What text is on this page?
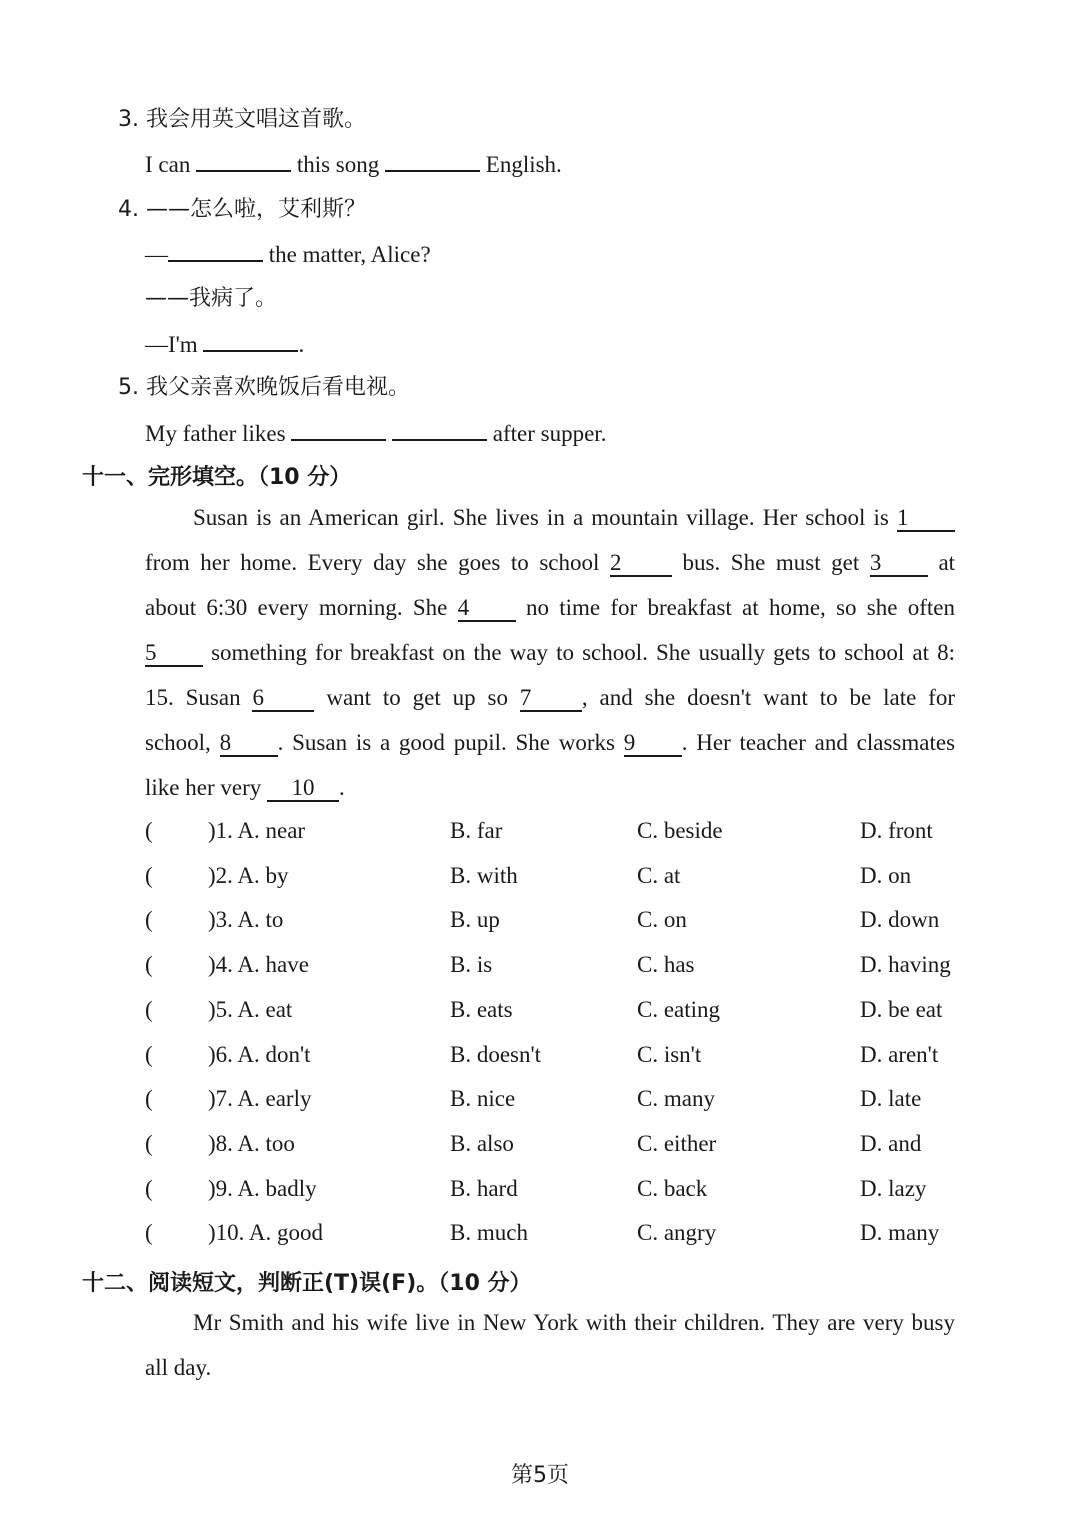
3. 我会用英文唱这首歌。
I can	this song	English.
4. ——怎么啦，艾利斯？
—	the matter, Alice?
——我病了。
—I'm	.
5. 我父亲喜欢晚饭后看电视。
My father likes	after supper.
十一、完形填空。（10 分）
Susan is an American girl. She lives in a mountain village. Her school is 1
from her home. Every day she goes to school 2	bus. She must get 3 at
about 6:30 every morning. She 4 no time for breakfast at home, so she often
5 something for breakfast on the way to school. She usually gets to school at 8:
15. Susan 6	want to get up so 7 , and she doesn't want to be late for
school, 8 . Susan is a good pupil. She works 9 . Her teacher and classmates
like her very 10 .
( )1. A. near	B. far	C. beside	D. front
( )2. A. by	B. with	C. at	D. on
( )3. A. to	B. up	C. on	D. down
( )4. A. have	B. is	C. has	D. having
( )5. A. eat	B. eats	C. eating	D. be eat
( )6. A. don't	B. doesn't	C. isn't	D. aren't
( )7. A. early	B. nice	C. many	D. late
( )8. A. too	B. also	C. either	D. and
( )9. A. badly	B. hard	C. back	D. lazy
( )10. A. good	B. much	C. angry	D. many
十二、阅读短文，判断正(T)误(F)。（10 分）
Mr Smith and his wife live in New York with their children. They are very busy
all day.
第5页
